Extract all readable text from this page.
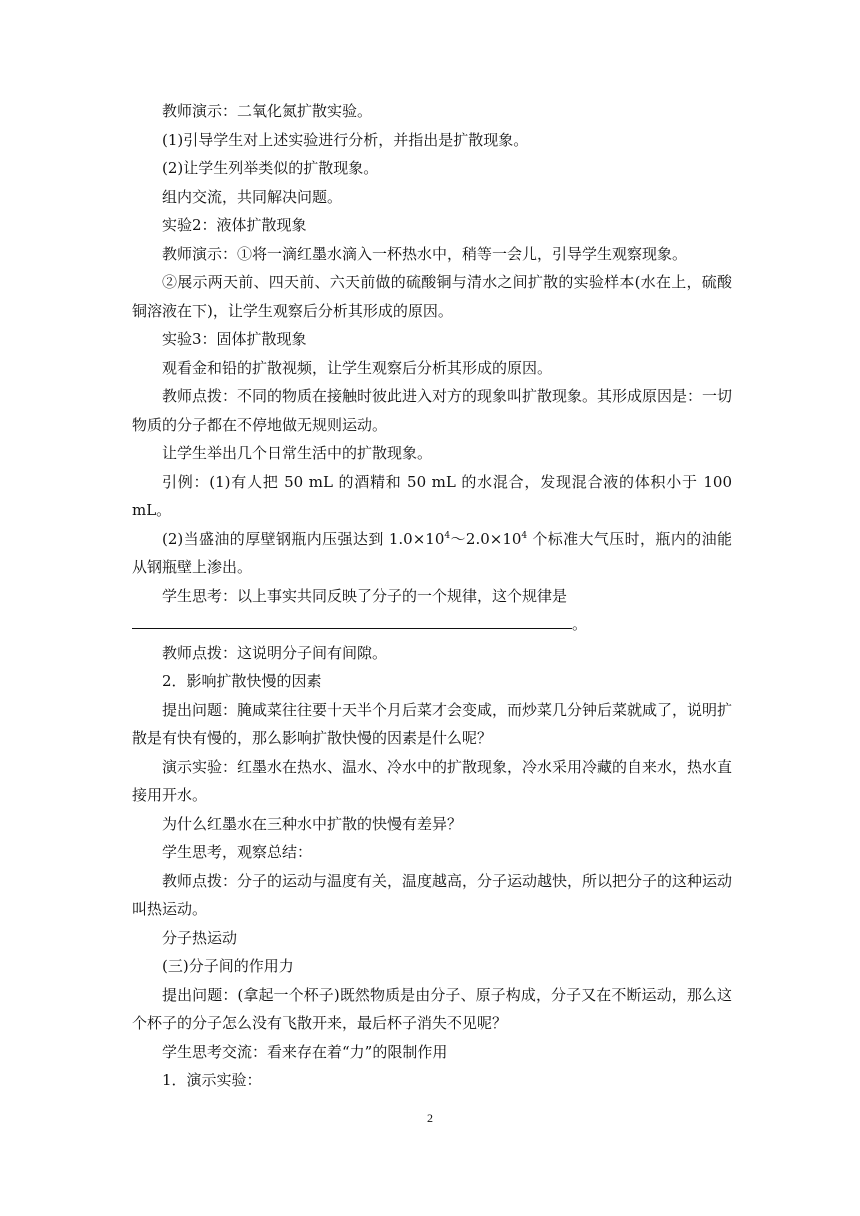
教师演示：二氧化氮扩散实验。

(1)引导学生对上述实验进行分析，并指出是扩散现象。

(2)让学生列举类似的扩散现象。

组内交流，共同解决问题。

实验2：液体扩散现象

教师演示：①将一滴红墨水滴入一杯热水中，稍等一会儿，引导学生观察现象。

②展示两天前、四天前、六天前做的硫酸铜与清水之间扩散的实验样本(水在上，硫酸铜溶液在下)，让学生观察后分析其形成的原因。

实验3：固体扩散现象

观看金和铅的扩散视频，让学生观察后分析其形成的原因。

教师点拨：不同的物质在接触时彼此进入对方的现象叫扩散现象。其形成原因是：一切物质的分子都在不停地做无规则运动。

让学生举出几个日常生活中的扩散现象。

引例：(1)有人把 50 mL 的酒精和 50 mL 的水混合，发现混合液的体积小于 100 mL。

(2)当盛油的厚壁钢瓶内压强达到 $1.0\times 10^4\sim 2.0\times 10^4$ 个标准大气压时，瓶内的油能从钢瓶壁上渗出。

学生思考：以上事实共同反映了分子的一个规律，这个规律是

。

教师点拨：这说明分子间有间隙。

2．影响扩散快慢的因素

提出问题：腌咸菜往往要十天半个月后菜才会变咸，而炒菜几分钟后菜就咸了，说明扩散是有快有慢的，那么影响扩散快慢的因素是什么呢？

演示实验：红墨水在热水、温水、冷水中的扩散现象，冷水采用冷藏的自来水，热水直接用开水。

为什么红墨水在三种水中扩散的快慢有差异？

学生思考，观察总结：

教师点拨：分子的运动与温度有关，温度越高，分子运动越快，所以把分子的这种运动叫热运动。

分子热运动

(三)分子间的作用力

提出问题：(拿起一个杯子)既然物质是由分子、原子构成，分子又在不断运动，那么这个杯子的分子怎么没有飞散开来，最后杯子消失不见呢？

学生思考交流：看来存在着“力”的限制作用

1．演示实验：

2
